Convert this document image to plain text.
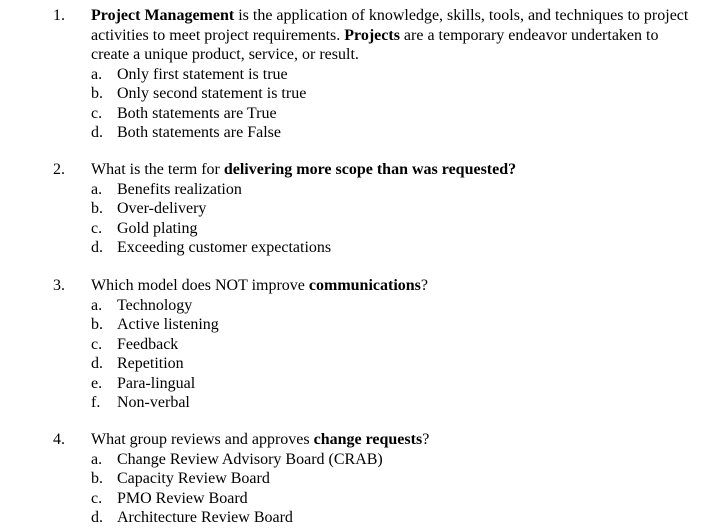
1. Project Management is the application of knowledge, skills, tools, and techniques to project activities to meet project requirements. Projects are a temporary endeavor undertaken to create a unique product, service, or result.
a. Only first statement is true
b. Only second statement is true
c. Both statements are True
d. Both statements are False
2. What is the term for delivering more scope than was requested?
a. Benefits realization
b. Over-delivery
c. Gold plating
d. Exceeding customer expectations
3. Which model does NOT improve communications?
a. Technology
b. Active listening
c. Feedback
d. Repetition
e. Para-lingual
f. Non-verbal
4. What group reviews and approves change requests?
a. Change Review Advisory Board (CRAB)
b. Capacity Review Board
c. PMO Review Board
d. Architecture Review Board
